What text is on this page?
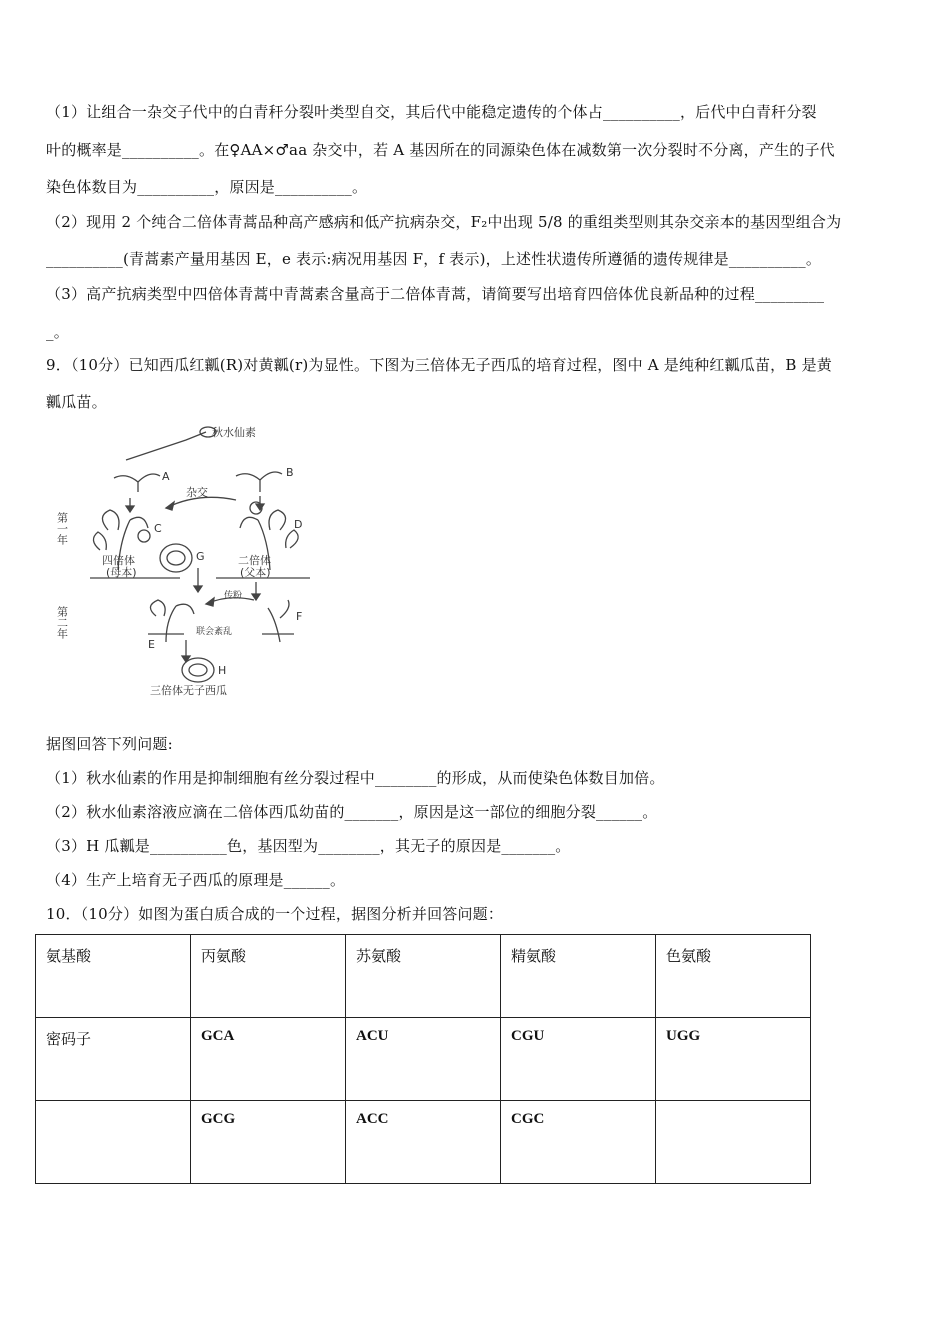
（1）让组合一杂交子代中的白青秆分裂叶类型自交，其后代中能稳定遗传的个体占__________，后代中白青秆分裂
叶的概率是__________。在♀AA×♂aa 杂交中，若 A 基因所在的同源染色体在减数第一次分裂时不分离，产生的子代
染色体数目为__________，原因是__________。
（2）现用 2 个纯合二倍体青蒿品种高产感病和低产抗病杂交，F₂中出现 5/8 的重组类型则其杂交亲本的基因型组合为
__________(青蒿素产量用基因 E，e 表示:病况用基因 F，f 表示)，上述性状遗传所遵循的遗传规律是__________。
（3）高产抗病类型中四倍体青蒿中青蒿素含量高于二倍体青蒿，请简要写出培育四倍体优良新品种的过程_________
_。
9．（10分）已知西瓜红瓤(R)对黄瓤(r)为显性。下图为三倍体无子西瓜的培育过程，图中 A 是纯种红瓤瓜苗，B 是黄
瓤瓜苗。
秋水仙素
A	B
杂交
C	D
G
四倍体
(母本)
二倍体
(父本)
传粉
E
F
联会紊乱
H
三倍体无子西瓜
第一年
第二年
据图回答下列问题:
（1）秋水仙素的作用是抑制细胞有丝分裂过程中________的形成，从而使染色体数目加倍。
（2）秋水仙素溶液应滴在二倍体西瓜幼苗的_______，原因是这一部位的细胞分裂______。
（3）H 瓜瓤是__________色，基因型为________，其无子的原因是_______。
（4）生产上培育无子西瓜的原理是______。
10．（10分）如图为蛋白质合成的一个过程，据图分析并回答问题：
氨基酸	丙氨酸	苏氨酸	精氨酸	色氨酸
密码子	GCA	ACU	CGU	UGG
	GCG	ACC	CGC	
